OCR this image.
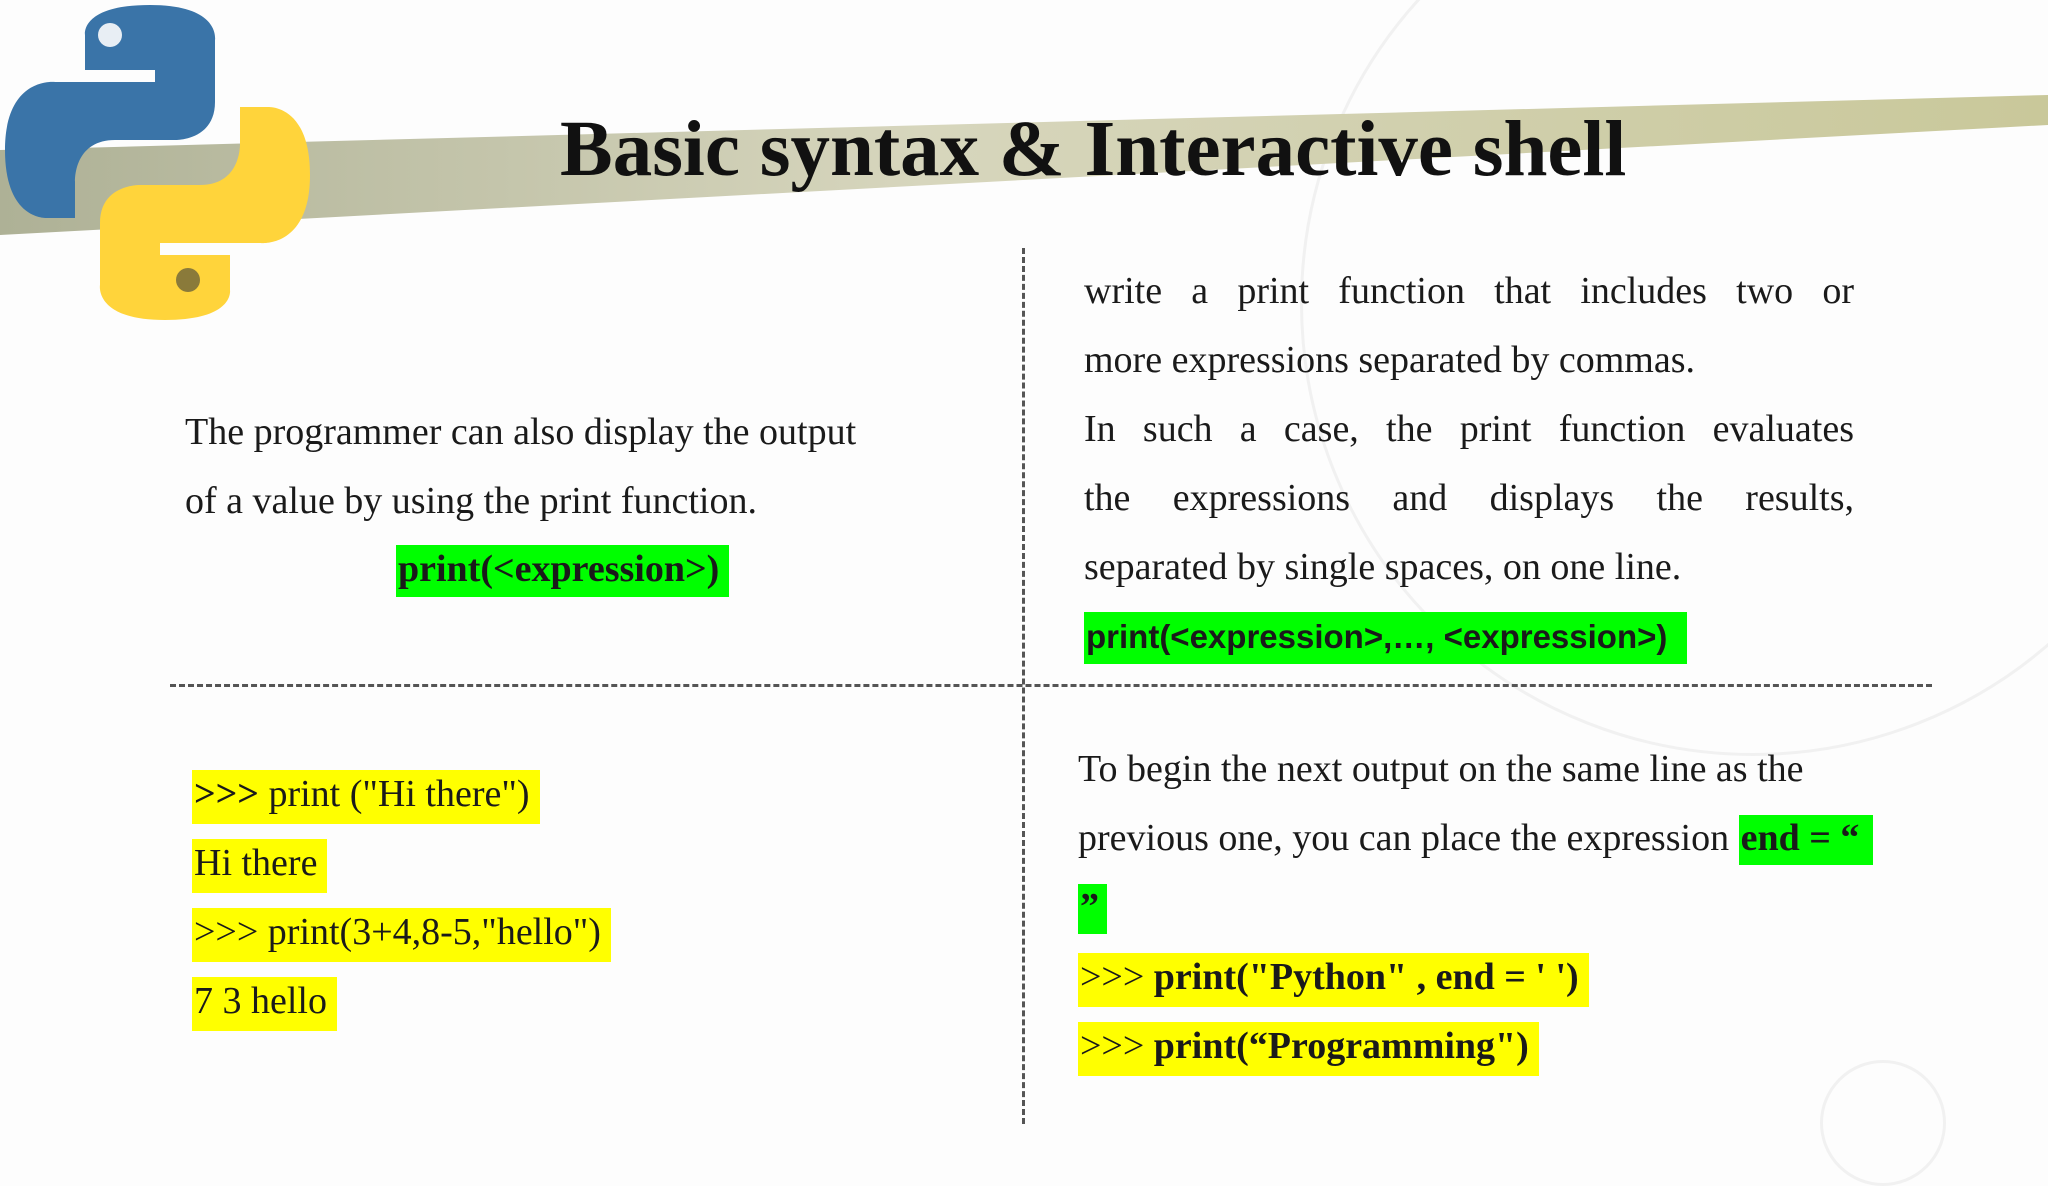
Basic syntax & Interactive shell
The programmer can also display the output
of a value by using the print function.
print(<expression>)
write a print function that includes two or
more expressions separated by commas.
In such a case, the print function evaluates
the expressions and displays the results,
separated by single spaces, on one line.
print(<expression>,…, <expression>)
>>> print ("Hi there")
Hi there
>>> print(3+4,8-5,"hello")
7 3 hello
To begin the next output on the same line as the
previous one, you can place the expression end = “
”
>>> print("Python" , end = ' ')
>>> print(“Programming")
